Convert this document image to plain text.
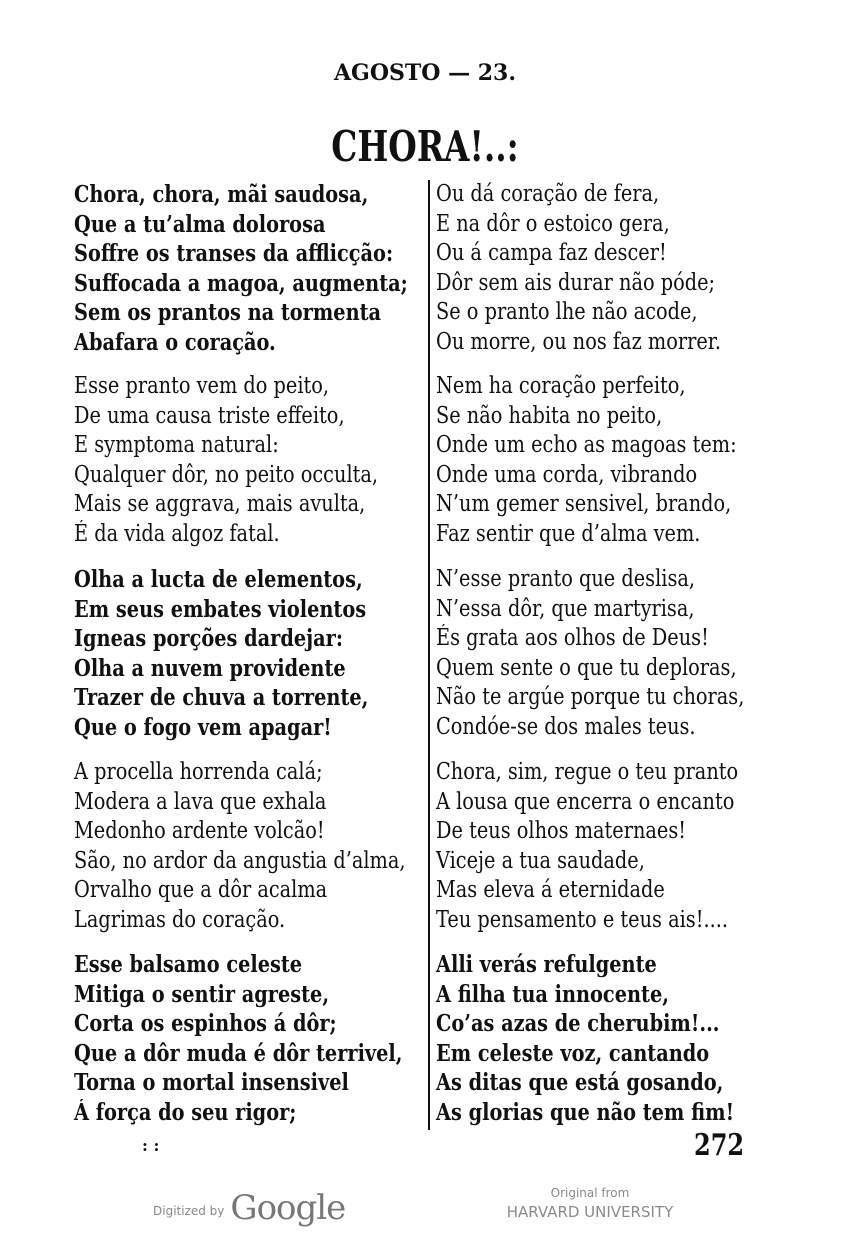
AGOSTO — 23.
CHORA!..:
Chora, chora, mãi saudosa,
Que a tu’alma dolorosa
Soffre os transes da afflicção:
Suffocada a magoa, augmenta;
Sem os prantos na tormenta
Abafara o coração.
Esse pranto vem do peito,
De uma causa triste effeito,
E symptoma natural:
Qualquer dôr, no peito occulta,
Mais se aggrava, mais avulta,
É da vida algoz fatal.
Olha a lucta de elementos,
Em seus embates violentos
Igneas porções dardejar:
Olha a nuvem providente
Trazer de chuva a torrente,
Que o fogo vem apagar!
A procella horrenda calá;
Modera a lava que exhala
Medonho ardente volcão!
São, no ardor da angustia d’alma,
Orvalho que a dôr acalma
Lagrimas do coração.
Esse balsamo celeste
Mitiga o sentir agreste,
Corta os espinhos á dôr;
Que a dôr muda é dôr terrivel,
Torna o mortal insensivel
Á força do seu rigor;
Ou dá coração de fera,
E na dôr o estoico gera,
Ou á campa faz descer!
Dôr sem ais durar não póde;
Se o pranto lhe não acode,
Ou morre, ou nos faz morrer.
Nem ha coração perfeito,
Se não habita no peito,
Onde um echo as magoas tem:
Onde uma corda, vibrando
N’um gemer sensivel, brando,
Faz sentir que d’alma vem.
N’esse pranto que deslisa,
N’essa dôr, que martyrisa,
És grata aos olhos de Deus!
Quem sente o que tu deploras,
Não te argúe porque tu choras,
Condóe-se dos males teus.
Chora, sim, regue o teu pranto
A lousa que encerra o encanto
De teus olhos maternaes!
Viceje a tua saudade,
Mas eleva á eternidade
Teu pensamento e teus ais!....
Alli verás refulgente
A filha tua innocente,
Co’as azas de cherubim!...
Em celeste voz, cantando
As ditas que está gosando,
As glorias que não tem fim!
: :	272
Digitized by Google	Original from
HARVARD UNIVERSITY
